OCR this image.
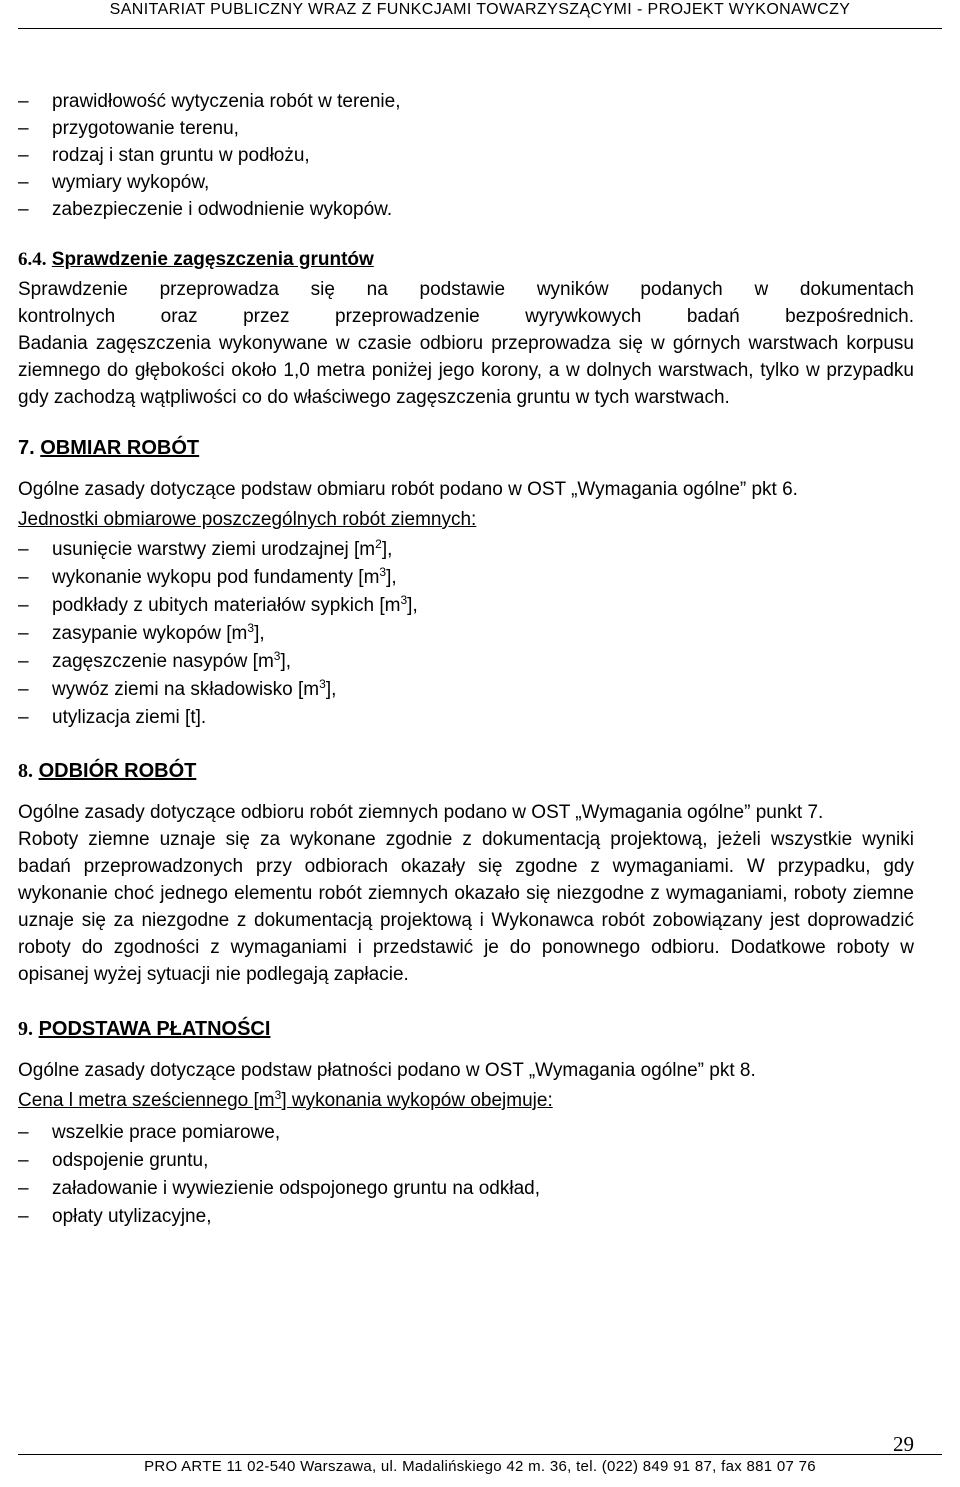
SANITARIAT PUBLICZNY WRAZ Z FUNKCJAMI TOWARZYSZĄCYMI - PROJEKT WYKONAWCZY
–	prawidłowość wytyczenia robót w terenie,
–	przygotowanie terenu,
–	rodzaj i stan gruntu w podłożu,
–	wymiary wykopów,
–	zabezpieczenie i odwodnienie wykopów.
6.4. Sprawdzenie zagęszczenia gruntów

Sprawdzenie przeprowadza się na podstawie wyników podanych w dokumentach

kontrolnych oraz przez przeprowadzenie wyrywkowych badań bezpośrednich.

Badania zagęszczenia wykonywane w czasie odbioru przeprowadza się w górnych warstwach korpusu ziemnego do głębokości około 1,0 metra poniżej jego korony, a w dolnych warstwach, tylko w przypadku gdy zachodzą wątpliwości co do właściwego zagęszczenia gruntu w tych warstwach.

7. OBMIAR ROBÓT

Ogólne zasady dotyczące podstaw obmiaru robót podano w OST „Wymagania ogólne” pkt 6.

Jednostki obmiarowe poszczególnych robót ziemnych:

–	usunięcie warstwy ziemi urodzajnej $[m^2]$,
–	wykonanie wykopu pod fundamenty $[m^3]$,
–	podkłady z ubitych materiałów sypkich $[m^3]$,
–	zasypanie wykopów $[m^3]$,
–	zagęszczenie nasypów $[m^3]$,
–	wywóz ziemi na składowisko $[m^3]$,
–	utylizacja ziemi [t].
8. ODBIÓR ROBÓT

Ogólne zasady dotyczące odbioru robót ziemnych podano w OST „Wymagania ogólne” punkt 7.

Roboty ziemne uznaje się za wykonane zgodnie z dokumentacją projektową, jeżeli wszystkie wyniki badań przeprowadzonych przy odbiorach okazały się zgodne z wymaganiami. W przypadku, gdy wykonanie choć jednego elementu robót ziemnych okazało się niezgodne z wymaganiami, roboty ziemne uznaje się za niezgodne z dokumentacją projektową i Wykonawca robót zobowiązany jest doprowadzić roboty do zgodności z wymaganiami i przedstawić je do ponownego odbioru. Dodatkowe roboty w opisanej wyżej sytuacji nie podlegają zapłacie.

9. PODSTAWA PŁATNOŚCI

Ogólne zasady dotyczące podstaw płatności podano w OST „Wymagania ogólne” pkt 8.

Cena l metra sześciennego $[m^3]$ wykonania wykopów obejmuje:

–	wszelkie prace pomiarowe,
–	odspojenie gruntu,
–	załadowanie i wywiezienie odspojonego gruntu na odkład,
–	opłaty utylizacyjne,
29
PRO ARTE 11 02-540 Warszawa, ul. Madalińskiego 42 m. 36, tel. (022) 849 91 87, fax 881 07 76
